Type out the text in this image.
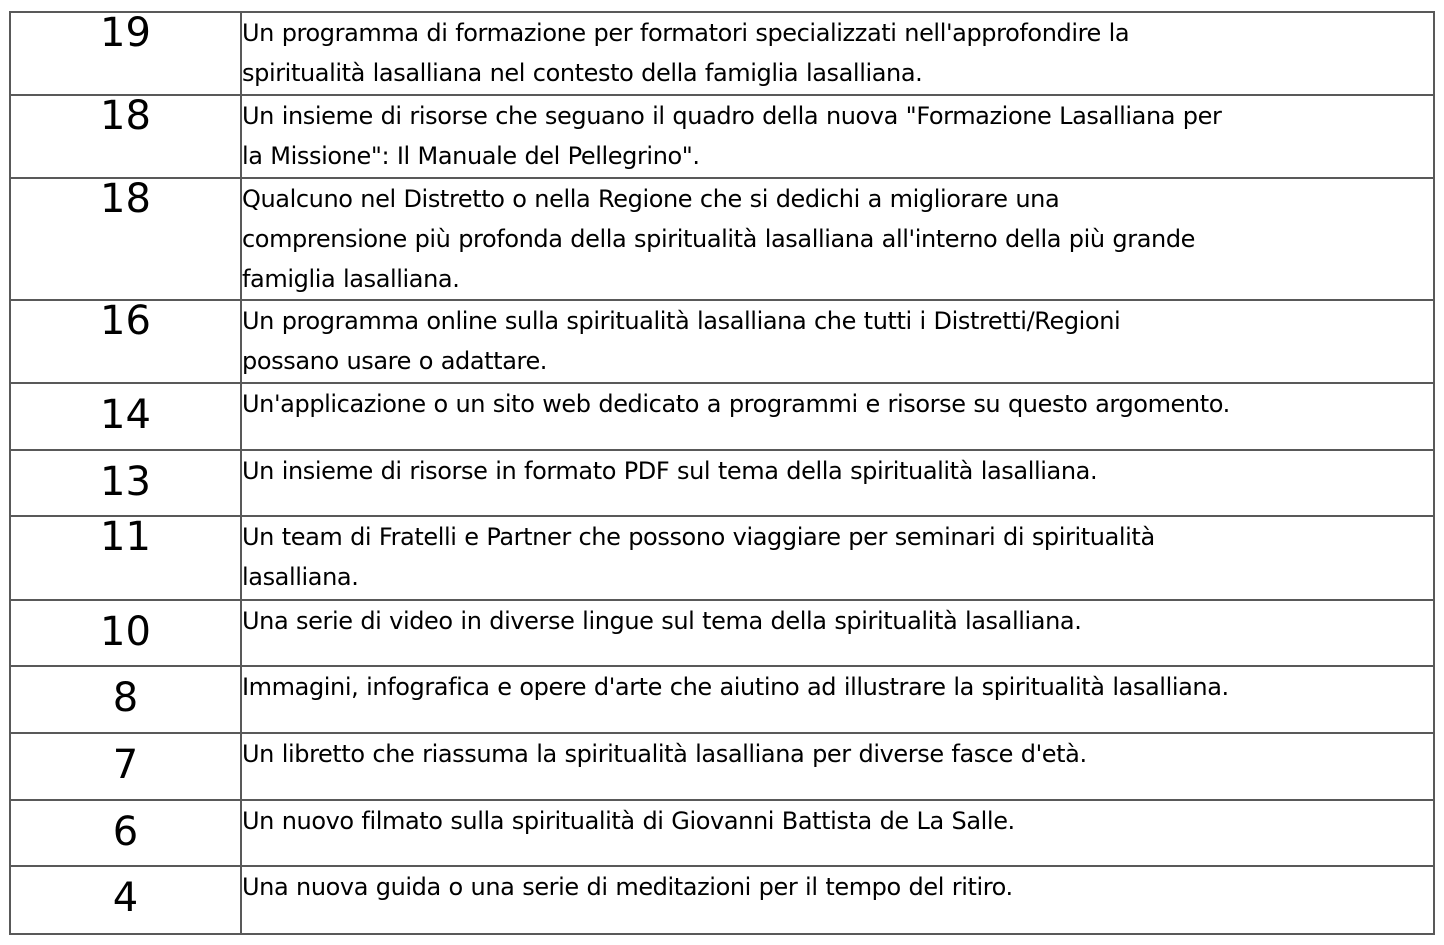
19	Un programma di formazione per formatori specializzati nell'approfondire la
spiritualità lasalliana nel contesto della famiglia lasalliana.
18	Un insieme di risorse che seguano il quadro della nuova "Formazione Lasalliana per
la Missione": Il Manuale del Pellegrino".
18	Qualcuno nel Distretto o nella Regione che si dedichi a migliorare una
comprensione più profonda della spiritualità lasalliana all'interno della più grande
famiglia lasalliana.
16	Un programma online sulla spiritualità lasalliana che tutti i Distretti/Regioni
possano usare o adattare.
14	Un'applicazione o un sito web dedicato a programmi e risorse su questo argomento.
13	Un insieme di risorse in formato PDF sul tema della spiritualità lasalliana.
11	Un team di Fratelli e Partner che possono viaggiare per seminari di spiritualità
lasalliana.
10	Una serie di video in diverse lingue sul tema della spiritualità lasalliana.
8	Immagini, infografica e opere d'arte che aiutino ad illustrare la spiritualità lasalliana.
7	Un libretto che riassuma la spiritualità lasalliana per diverse fasce d'età.
6	Un nuovo filmato sulla spiritualità di Giovanni Battista de La Salle.
4	Una nuova guida o una serie di meditazioni per il tempo del ritiro.
